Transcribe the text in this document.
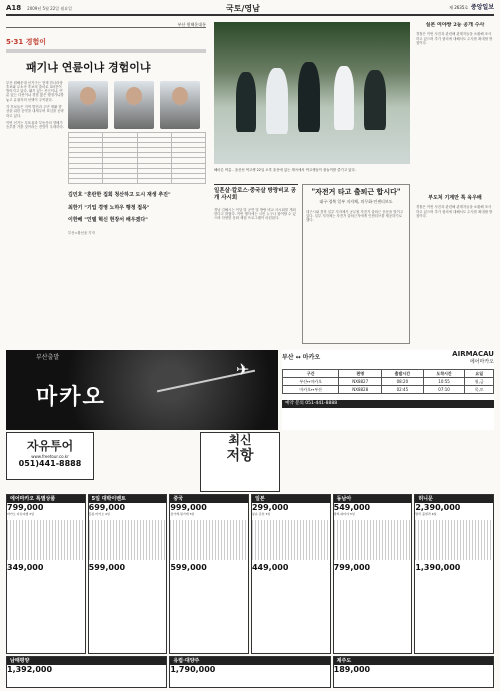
A18 2009년 5월 22일 월요일	국토/영남	제 2635호 중앙일보
부산 원해운대통
5·31 경험이
패기냐 연륜이냐 경험이냐

부산 원해운대 선거구는 현재 한나라당 후보와 무소속 후보의 출마로 3파전이 벌어지고 있다. 패기 있는 신인이냐, 연륜 있는 다선이냐 경험 많은 행정가냐를 놓고 유권자의 선택이 주목된다.

각 후보들은 지역 발전과 주민 생활 향상을 위한 공약을 내세우며 표심을 공략하고 있다.

이번 선거는 투표율과 부동층의 향배가 승부를 가를 것이라는 전망이 우세하다.

김민호 "혼란한 집회 청산하고 도시 재생 추진"
최한기 "기업 경영 노하우 행정 접목"
이한베 "인텔 혁신 현장서 배우겠다"

부산=황선윤 기자

해마른 여름 - 울산선 여고생 22일 오후 울산에 있는 계곡에서 여고생들이 물놀이를 즐기고 있다.

일흔살·칼로스·중국살 방랑비교 공개 사시회

경남 김해시는 이달 말 공연 및 방랑 비교 사시회를 개최한다고 밝혔다. 이번 행사에는 시민 누구나 참여할 수 있으며 다양한 문화 체험 프로그램이 마련된다.

"자전거 타고 출퇴근 합시다"
대구·경북 일부 지자체, 의무화·인센티브도

대구시와 경북 일부 지자체가 공무원 자전거 출퇴근 운동을 벌이고 있다. 일부 지자체는 자전거 출퇴근자에게 인센티브를 제공하기로 했다.

실론 여야쌍 2등 공개 수사

경찰은 이번 사건과 관련해 관계자들을 소환해 조사하고 있으며 추가 혐의에 대해서도 수사를 확대할 방침이다.

부도처 기계만 톡 육우배

경찰은 이번 사건과 관련해 관계자들을 소환해 조사하고 있으며 추가 혐의에 대해서도 수사를 확대할 방침이다.

부산출발
마카오
✈
부산 ↔ 마카오	AIRMACAU
에어마카오
구간	편명	출발시간	도착시간	요일
부산↔마카오	NX8827	08:20	10:55	월,금
마카오↔부산	NX8828	02:45	07:10	목,토
예약 문의 051-441-8888
자유투어
www.freetour.co.kr
051)441-8888
최신
저항
에어마카오 특별상품
799,000
마카오 자유여행 3일
349,000
5일 대박이벤트
699,000
홍콩·마카오 4일
599,000
중국
999,000
장가계·원가계 5일
599,000
일본
299,000
큐슈 온천 3일
449,000
동남아
549,000
방콕·파타야 5일
799,000
허니문
2,390,000
발리 풀빌라 6일
1,390,000
남태평양
1,392,000
유럽·대양주
1,790,000
제주도
189,000
